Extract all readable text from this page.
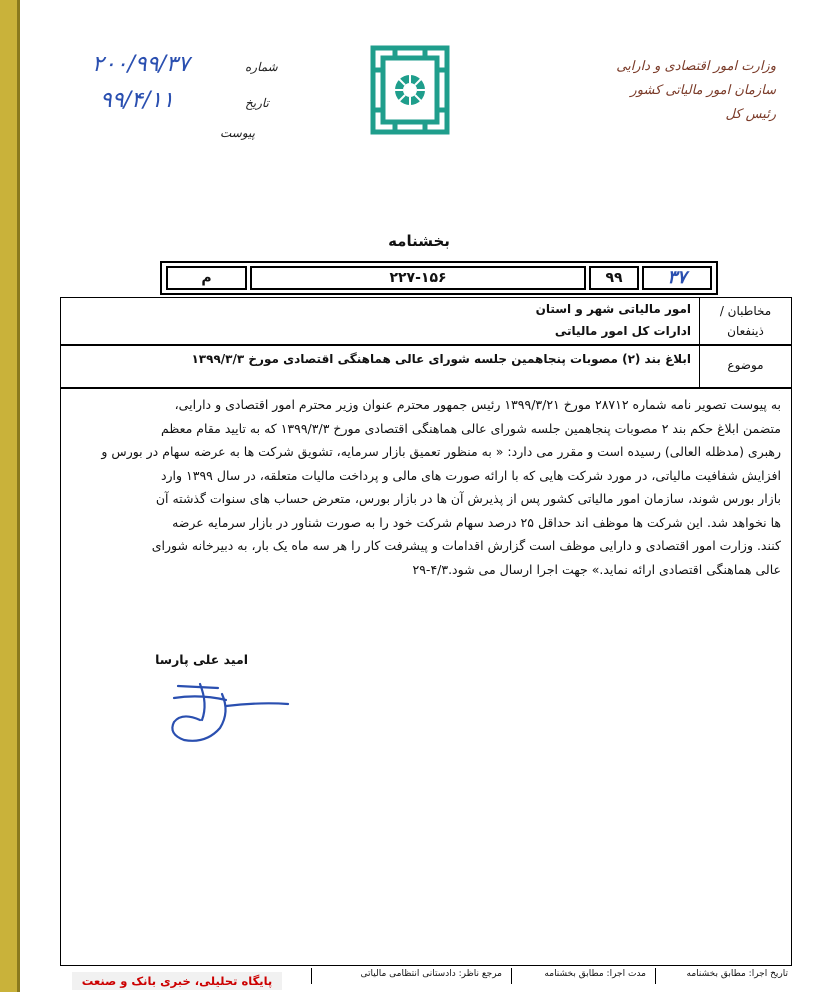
وزارت امور اقتصادی و دارایی
سازمان امور مالیاتی کشور
رئیس کل
شماره
۲۰۰/۹۹/۳۷
تاریخ
۹۹/۴/۱۱
پیوست
بخشنامه
۳۷
۹۹
۲۲۷-۱۵۶
م
مخاطبان /
ذینفعان
امور مالیاتی شهر و استان
ادارات کل امور مالیاتی
موضوع
ابلاغ بند (۲) مصوبات پنجاهمین جلسه شورای عالی هماهنگی اقتصادی مورخ ۱۳۹۹/۳/۳
به پیوست تصویر نامه شماره ۲۸۷۱۲ مورخ ۱۳۹۹/۳/۲۱ رئیس جمهور محترم عنوان وزیر محترم امور اقتصادی و دارایی،
متضمن ابلاغ حکم بند ۲ مصوبات پنجاهمین جلسه شورای عالی هماهنگی اقتصادی مورخ ۱۳۹۹/۳/۳ که به تایید مقام معظم
رهبری (مدظله العالی) رسیده است و مقرر می دارد: « به منظور تعمیق بازار سرمایه، تشویق شرکت ها به عرضه سهام در بورس و
افزایش شفافیت مالیاتی، در مورد شرکت هایی که با ارائه صورت های مالی و پرداخت مالیات متعلقه، در سال ۱۳۹۹ وارد
بازار بورس شوند، سازمان امور مالیاتی کشور پس از پذیرش آن ها در بازار بورس، متعرض حساب های سنوات گذشته آن
ها نخواهد شد. این شرکت ها موظف اند حداقل ۲۵ درصد سهام شرکت خود را به صورت شناور در بازار سرمایه عرضه
کنند. وزارت امور اقتصادی و دارایی موظف است گزارش اقدامات و پیشرفت کار را هر سه ماه یک بار، به دبیرخانه شورای
عالی هماهنگی اقتصادی ارائه نماید.» جهت اجرا ارسال می شود.۴/۳-۲۹
امید علی پارسا
تاریخ اجرا: مطابق بخشنامه
مدت اجرا: مطابق بخشنامه
مرجع ناظر: دادستانی انتظامی مالیاتی
پایگاه تحلیلی، خبری بانک و صنعت
